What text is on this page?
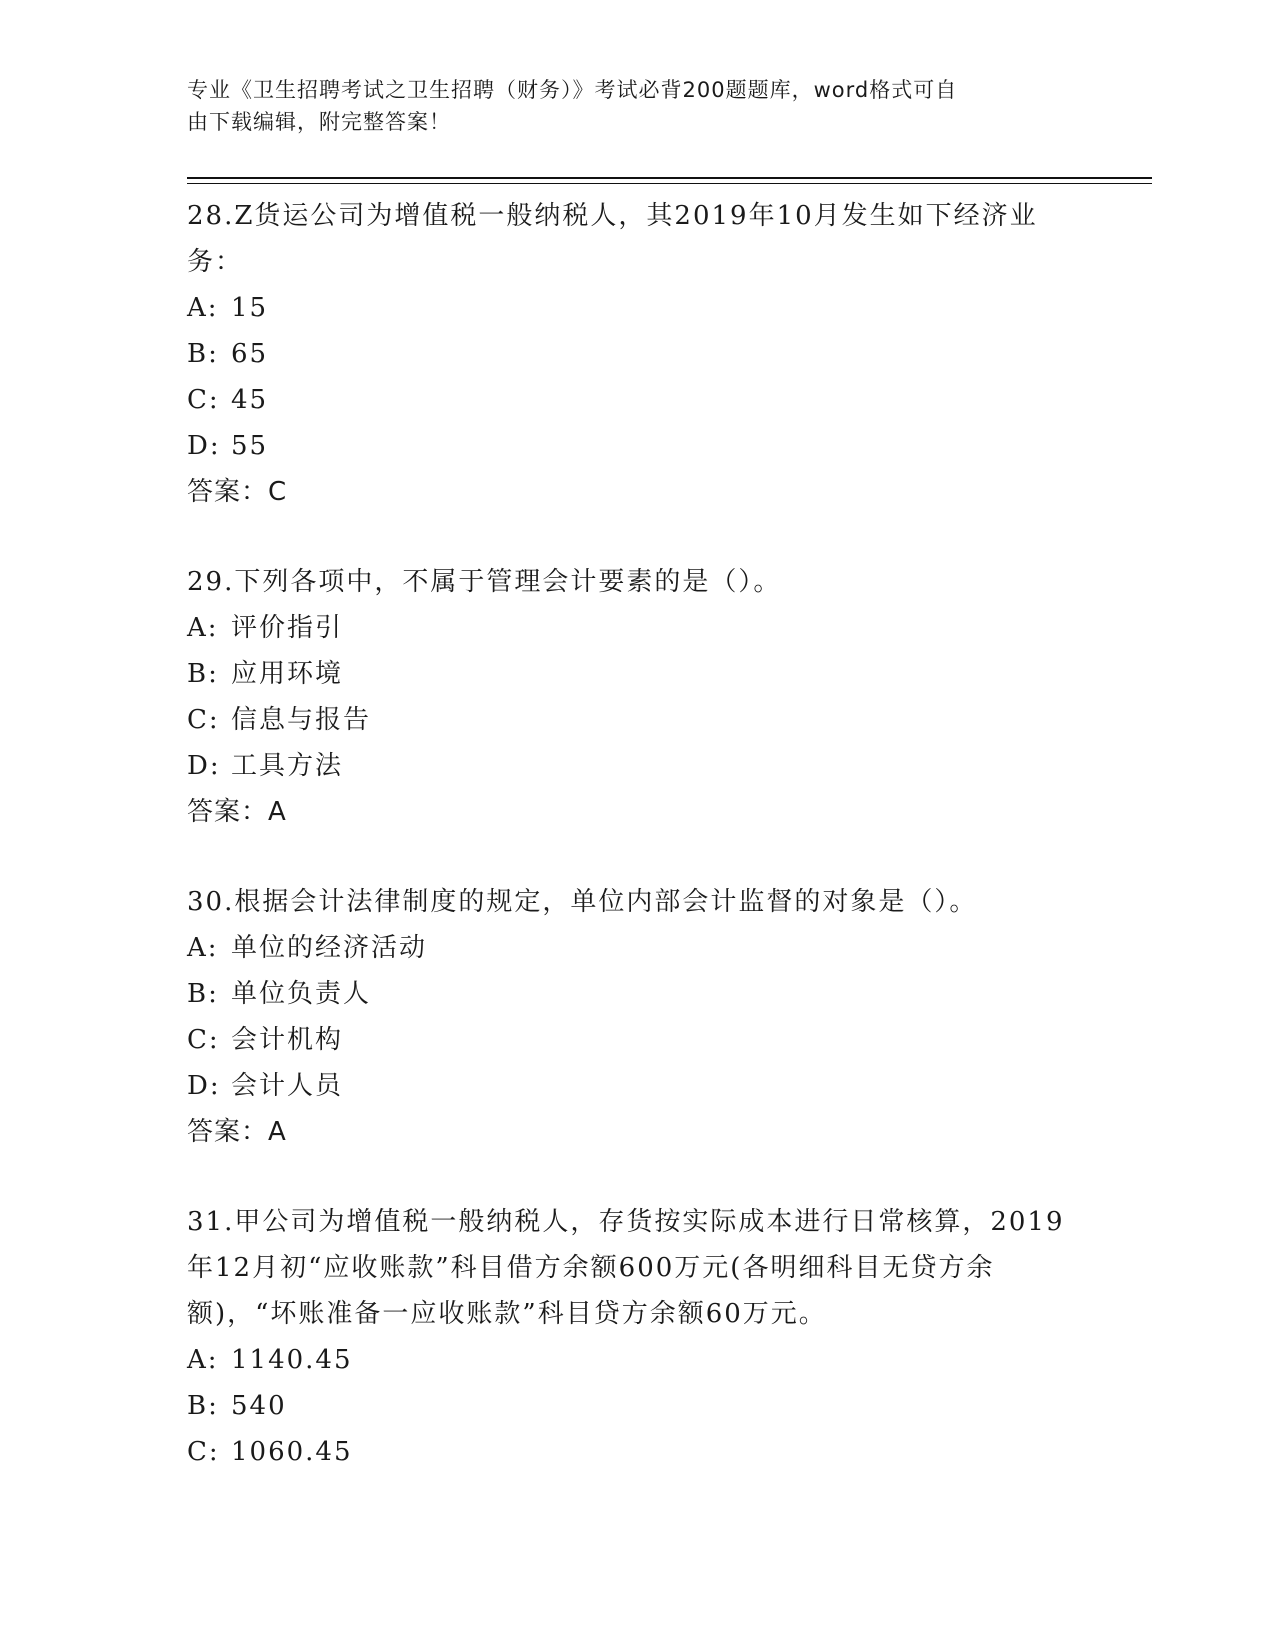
专业《卫生招聘考试之卫生招聘（财务）》考试必背200题题库，word格式可自
由下载编辑，附完整答案！
28.Z货运公司为增值税一般纳税人，其2019年10月发生如下经济业
务：
A: 15
B: 65
C: 45
D: 55
答案：C
29.下列各项中，不属于管理会计要素的是（）。
A: 评价指引
B: 应用环境
C: 信息与报告
D: 工具方法
答案：A
30.根据会计法律制度的规定，单位内部会计监督的对象是（）。
A: 单位的经济活动
B: 单位负责人
C: 会计机构
D: 会计人员
答案：A
31.甲公司为增值税一般纳税人，存货按实际成本进行日常核算，2019
年12月初“应收账款”科目借方余额600万元(各明细科目无贷方余
额)，“坏账准备一应收账款”科目贷方余额60万元。
A: 1140.45
B: 540
C: 1060.45
